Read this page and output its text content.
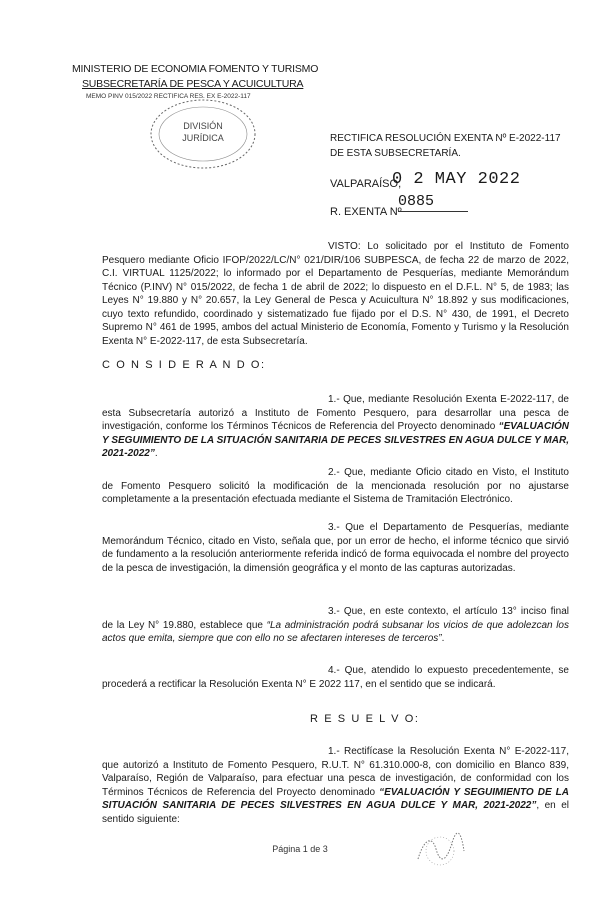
MINISTERIO DE ECONOMIA FOMENTO Y TURISMO
SUBSECRETARÍA DE PESCA Y ACUICULTURA
MEMO PINV 015/2022 RECTIFICA RES. EX E-2022-117
DIVISIÓN
JURÍDICA	RECTIFICA RESOLUCIÓN EXENTA Nº E-2022-117 DE ESTA SUBSECRETARÍA.
VALPARAÍSO,
0 2 MAY 2022
R. EXENTA Nº
0885
VISTO: Lo solicitado por el Instituto de Fomento Pesquero mediante Oficio IFOP/2022/LC/N° 021/DIR/106 SUBPESCA, de fecha 22 de marzo de 2022, C.I. VIRTUAL 1125/2022; lo informado por el Departamento de Pesquerías, mediante Memorándum Técnico (P.INV) N° 015/2022, de fecha 1 de abril de 2022; lo dispuesto en el D.F.L. N° 5, de 1983; las Leyes N° 19.880 y N° 20.657, la Ley General de Pesca y Acuicultura N° 18.892 y sus modificaciones, cuyo texto refundido, coordinado y sistematizado fue fijado por el D.S. N° 430, de 1991, el Decreto Supremo N° 461 de 1995, ambos del actual Ministerio de Economía, Fomento y Turismo y la Resolución Exenta N° E-2022-117, de esta Subsecretaría.
C O N S I D E R A N D O:
1.- Que, mediante Resolución Exenta E-2022-117, de esta Subsecretaría autorizó a Instituto de Fomento Pesquero, para desarrollar una pesca de investigación, conforme los Términos Técnicos de Referencia del Proyecto denominado “EVALUACIÓN Y SEGUIMIENTO DE LA SITUACIÓN SANITARIA DE PECES SILVESTRES EN AGUA DULCE Y MAR, 2021-2022”.
2.- Que, mediante Oficio citado en Visto, el Instituto de Fomento Pesquero solicitó la modificación de la mencionada resolución por no ajustarse completamente a la presentación efectuada mediante el Sistema de Tramitación Electrónico.
3.- Que el Departamento de Pesquerías, mediante Memorándum Técnico, citado en Visto, señala que, por un error de hecho, el informe técnico que sirvió de fundamento a la resolución anteriormente referida indicó de forma equivocada el nombre del proyecto de la pesca de investigación, la dimensión geográfica y el monto de las capturas autorizadas.
3.- Que, en este contexto, el artículo 13° inciso final de la Ley N° 19.880, establece que “La administración podrá subsanar los vicios de que adolezcan los actos que emita, siempre que con ello no se afectaren intereses de terceros”.
4.- Que, atendido lo expuesto precedentemente, se procederá a rectificar la Resolución Exenta N° E 2022 117, en el sentido que se indicará.
R E S U E L V O:
1.- Rectifícase la Resolución Exenta N° E-2022-117, que autorizó a Instituto de Fomento Pesquero, R.U.T. N° 61.310.000-8, con domicilio en Blanco 839, Valparaíso, Región de Valparaíso, para efectuar una pesca de investigación, de conformidad con los Términos Técnicos de Referencia del Proyecto denominado “EVALUACIÓN Y SEGUIMIENTO DE LA SITUACIÓN SANITARIA DE PECES SILVESTRES EN AGUA DULCE Y MAR, 2021-2022”, en el sentido siguiente:
Página 1 de 3
